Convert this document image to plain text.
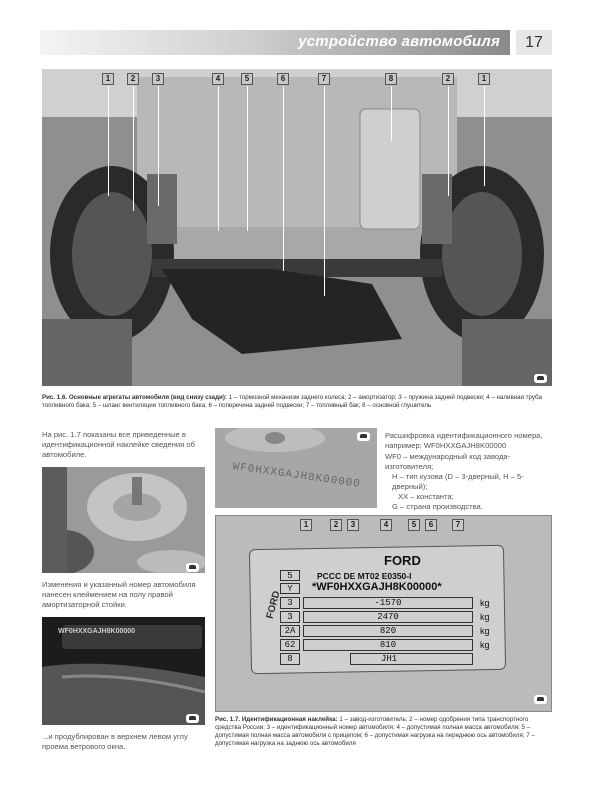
устройство автомобиля	17
1	2	3	4	5	6	7	8	2	1
Рис. 1.6. Основные агрегаты автомобиля (вид снизу сзади): 1 – тормозной механизм заднего колеса; 2 – амортизатор; 3 – пружина задней подвески; 4 – наливная труба топливного бака; 5 – шланг вентиляции топливного бака; 6 – поперечина задней подвески; 7 – топливный бак; 8 – основной глушитель
На рис. 1.7 показаны все приведенные в идентификационной наклейке сведения об автомобиле.
Изменения и указанный номер автомобиля нанесен клеймением на полу правой амортизаторной стойки.
WF0HXXGAJH8K00000
...и продублирован в верхнем левом углу проема ветрового окна.
WF0HXXGAJH8K00000
Расшифровка идентификационного номера, например: WF0HXXGAJH8K00000
WF0 – международный код завода-изготовителя;
H – тип кузова (D – 3-дверный, H – 5-дверный);
XX – константа;
G – страна производства.
1	2	3	4	5	6	7
FORD
FORD
5	PCCC DE MT02 E0350-I
Y	*WF0HXXGAJH8K00000*
3	-1570	kg
3	2470	kg
2A	820	kg
62	810	kg
8	JH1
Рис. 1.7. Идентификационная наклейка: 1 – завод-изготовитель; 2 – номер одобрения типа транспортного средства России; 3 – идентификационный номер автомобиля; 4 – допустимая полная масса автомобиля; 5 – допустимая полная масса автомобиля с прицепом; 6 – допустимая нагрузка на переднюю ось автомобиля; 7 – допустимая нагрузка на заднюю ось автомобиля
